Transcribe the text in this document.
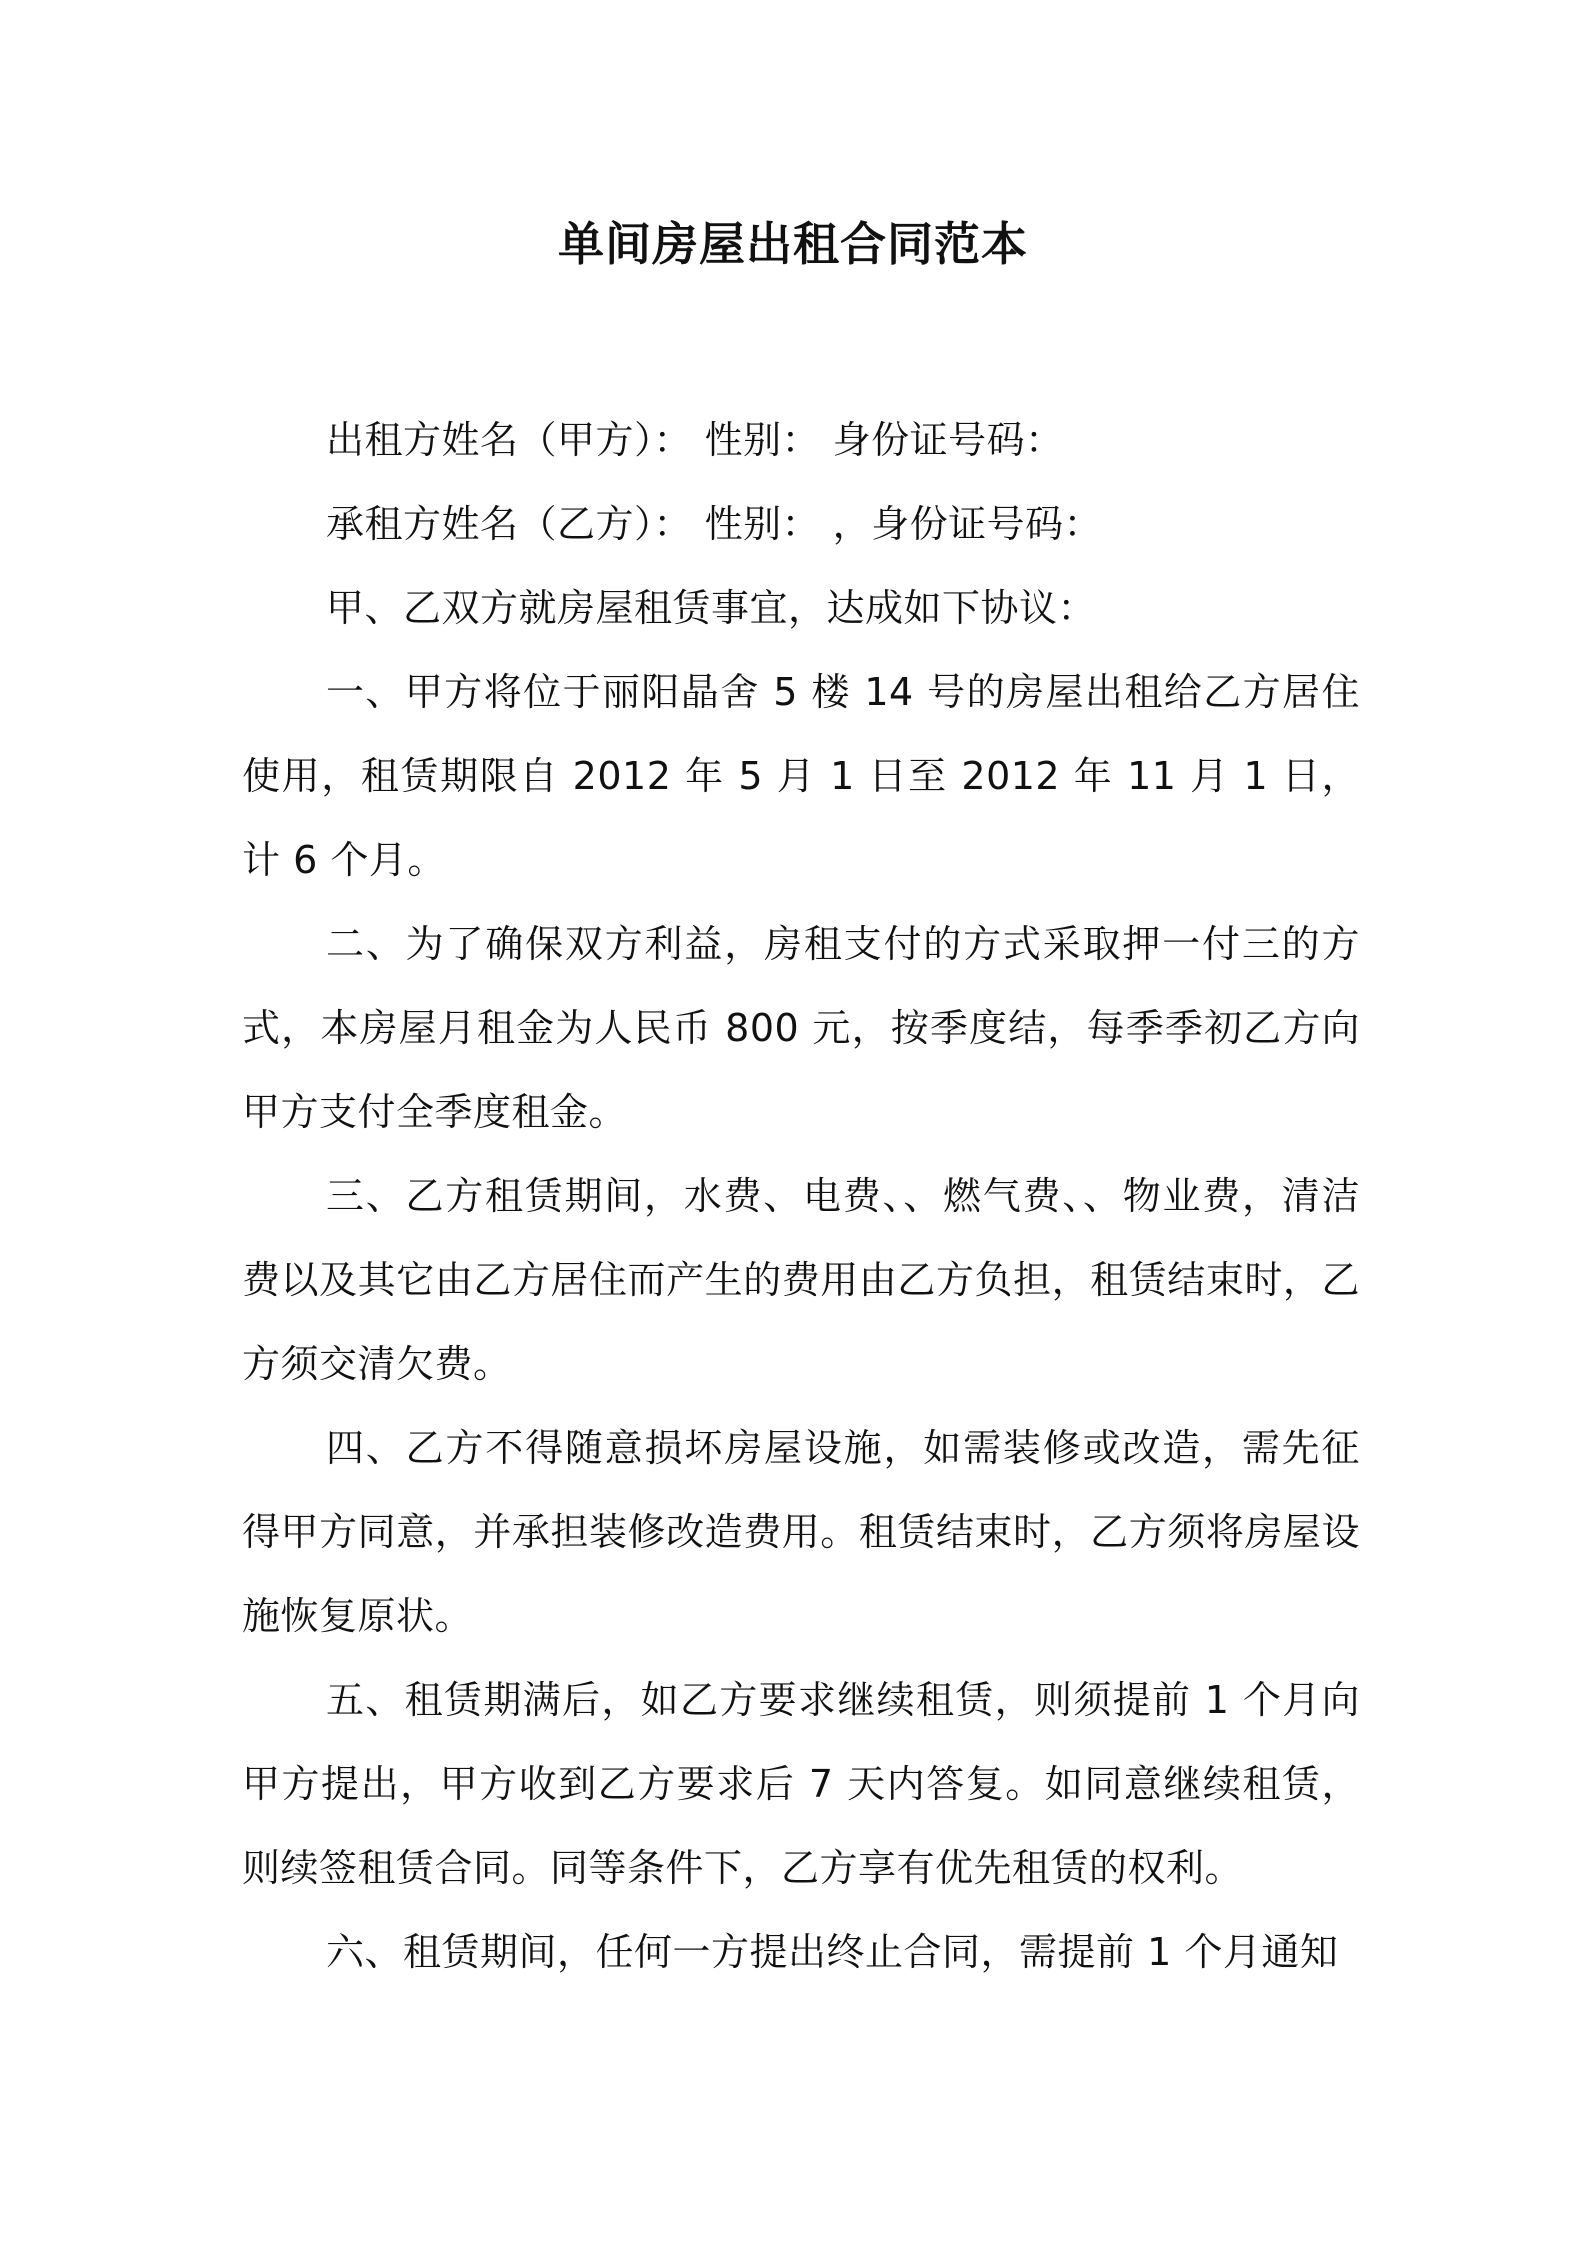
单间房屋出租合同范本

出租方姓名（甲方）： 性别： 身份证号码：

承租方姓名（乙方）： 性别： ，身份证号码：

甲、乙双方就房屋租赁事宜，达成如下协议：

一、甲方将位于丽阳晶舍 5 楼 14 号的房屋出租给乙方居住使用，租赁期限自 2012 年 5 月 1 日至 2012 年 11 月 1 日，计 6 个月。

二、为了确保双方利益，房租支付的方式采取押一付三的方式，本房屋月租金为人民币 800 元，按季度结，每季季初乙方向甲方支付全季度租金。

三、乙方租赁期间，水费、电费、、燃气费、、物业费，清洁费以及其它由乙方居住而产生的费用由乙方负担，租赁结束时，乙方须交清欠费。

四、乙方不得随意损坏房屋设施，如需装修或改造，需先征得甲方同意，并承担装修改造费用。租赁结束时，乙方须将房屋设施恢复原状。

五、租赁期满后，如乙方要求继续租赁，则须提前 1 个月向甲方提出，甲方收到乙方要求后 7 天内答复。如同意继续租赁，则续签租赁合同。同等条件下，乙方享有优先租赁的权利。

六、租赁期间，任何一方提出终止合同，需提前 1 个月通知
